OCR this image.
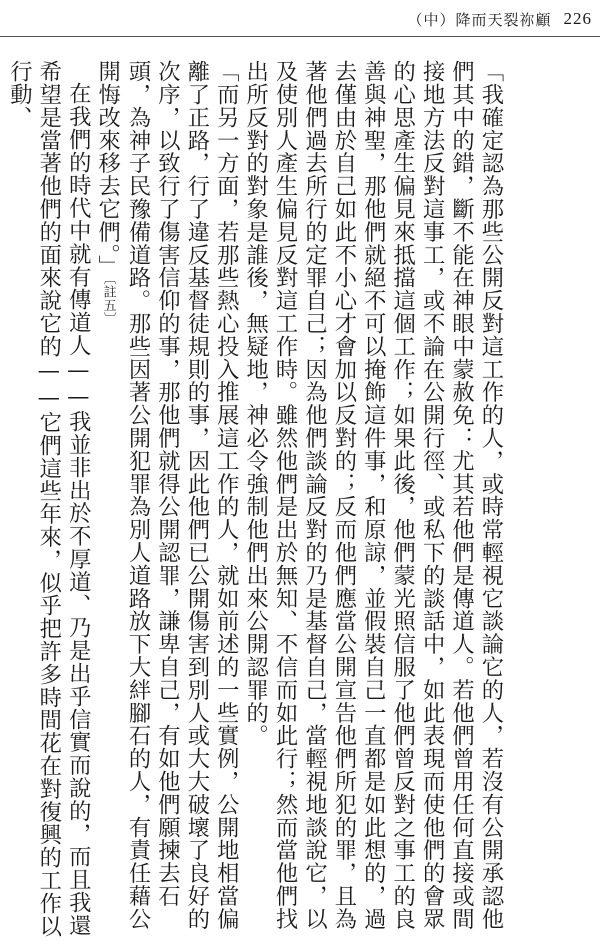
（中）降而天裂祢顧 226

「我確定認為那些公開反對這工作的人，或時常輕視它談論它的人，若沒有公開承認他們其中的錯，斷不能在神眼中蒙赦免：尤其若他們是傳道人。若他們曾用任何直接或間接地方法反對這事工，或不論在公開行徑、或私下的談話中，如此表現而使他們的會眾的心思產生偏見來抵擋這個工作；如果此後，他們蒙光照信服了他們曾反對之事工的良善與神聖，那他們就絕不可以掩飾這件事，和原諒，並假裝自己一直都是如此想的，過去僅由於自己如此不小心才會加以反對的；反而他們應當公開宣告他們所犯的罪，且為著他們過去所行的定罪自己；因為他們談論反對的乃是基督自己，當輕視地談說它，以及使別人產生偏見反對這工作時。雖然他們是出於無知、不信而如此行；然而當他們找出所反對的對象是誰後，無疑地，神必令強制他們出來公開認罪的。

「而另一方面，若那些熱心投入推展這工作的人，就如前述的一些實例，公開地相當偏離了正路，行了違反基督徒規則的事，因此他們已公開傷害到別人或大大破壞了良好的次序，以致行了傷害信仰的事，那他們就得公開認罪，謙卑自己，有如他們願揀去石頭，為神子民豫備道路。那些因著公開犯罪為別人道路放下大絆腳石的人，有責任藉公開悔改來移去它們。」〔註五〕

在我們的時代中就有傳道人——我並非出於不厚道、乃是出乎信實而說的，而且我還希望是當著他們的面來說它的——它們這些年來，似乎把許多時間花在對復興的工作以行動、
